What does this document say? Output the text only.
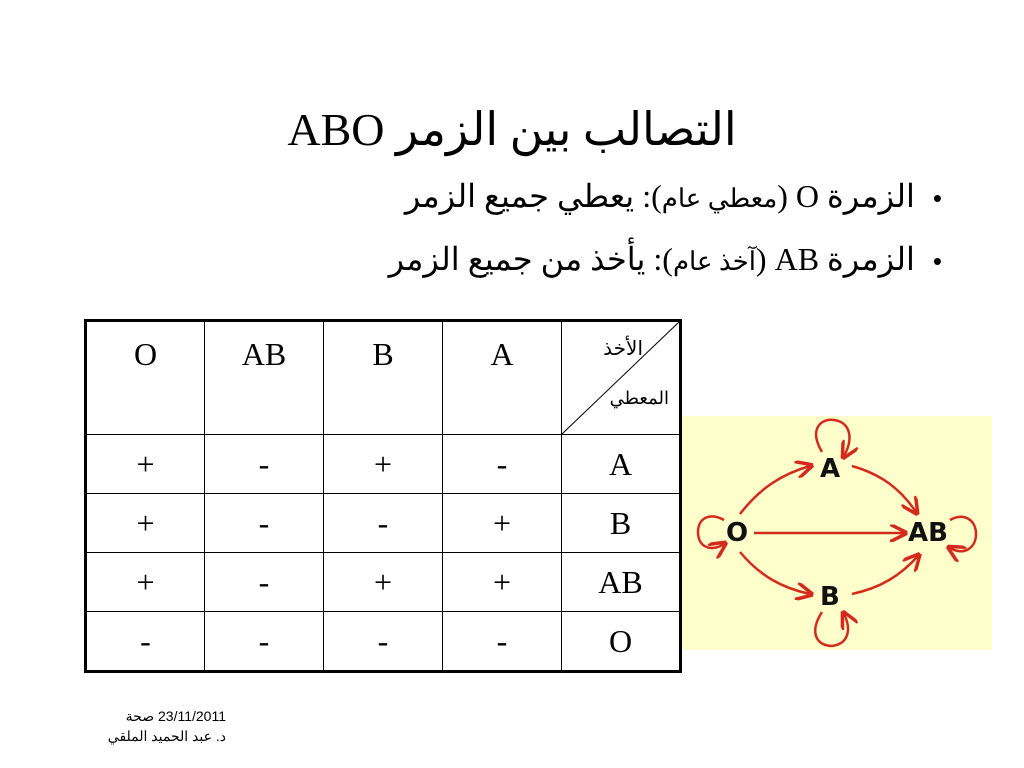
التصالب بين الزمر ABO
•
الزمرة O (معطي عام): يعطي جميع الزمر
•
الزمرة AB (آخذ عام): يأخذ من جميع الزمر
O	AB	B	A	الأخذ
المعطي

+	-	+	-	A
+	-	-	+	B
+	-	+	+	AB
-	-	-	-	O
O
A
AB
B
23/11/2011 صحة
د. عبد الحميد الملقي
